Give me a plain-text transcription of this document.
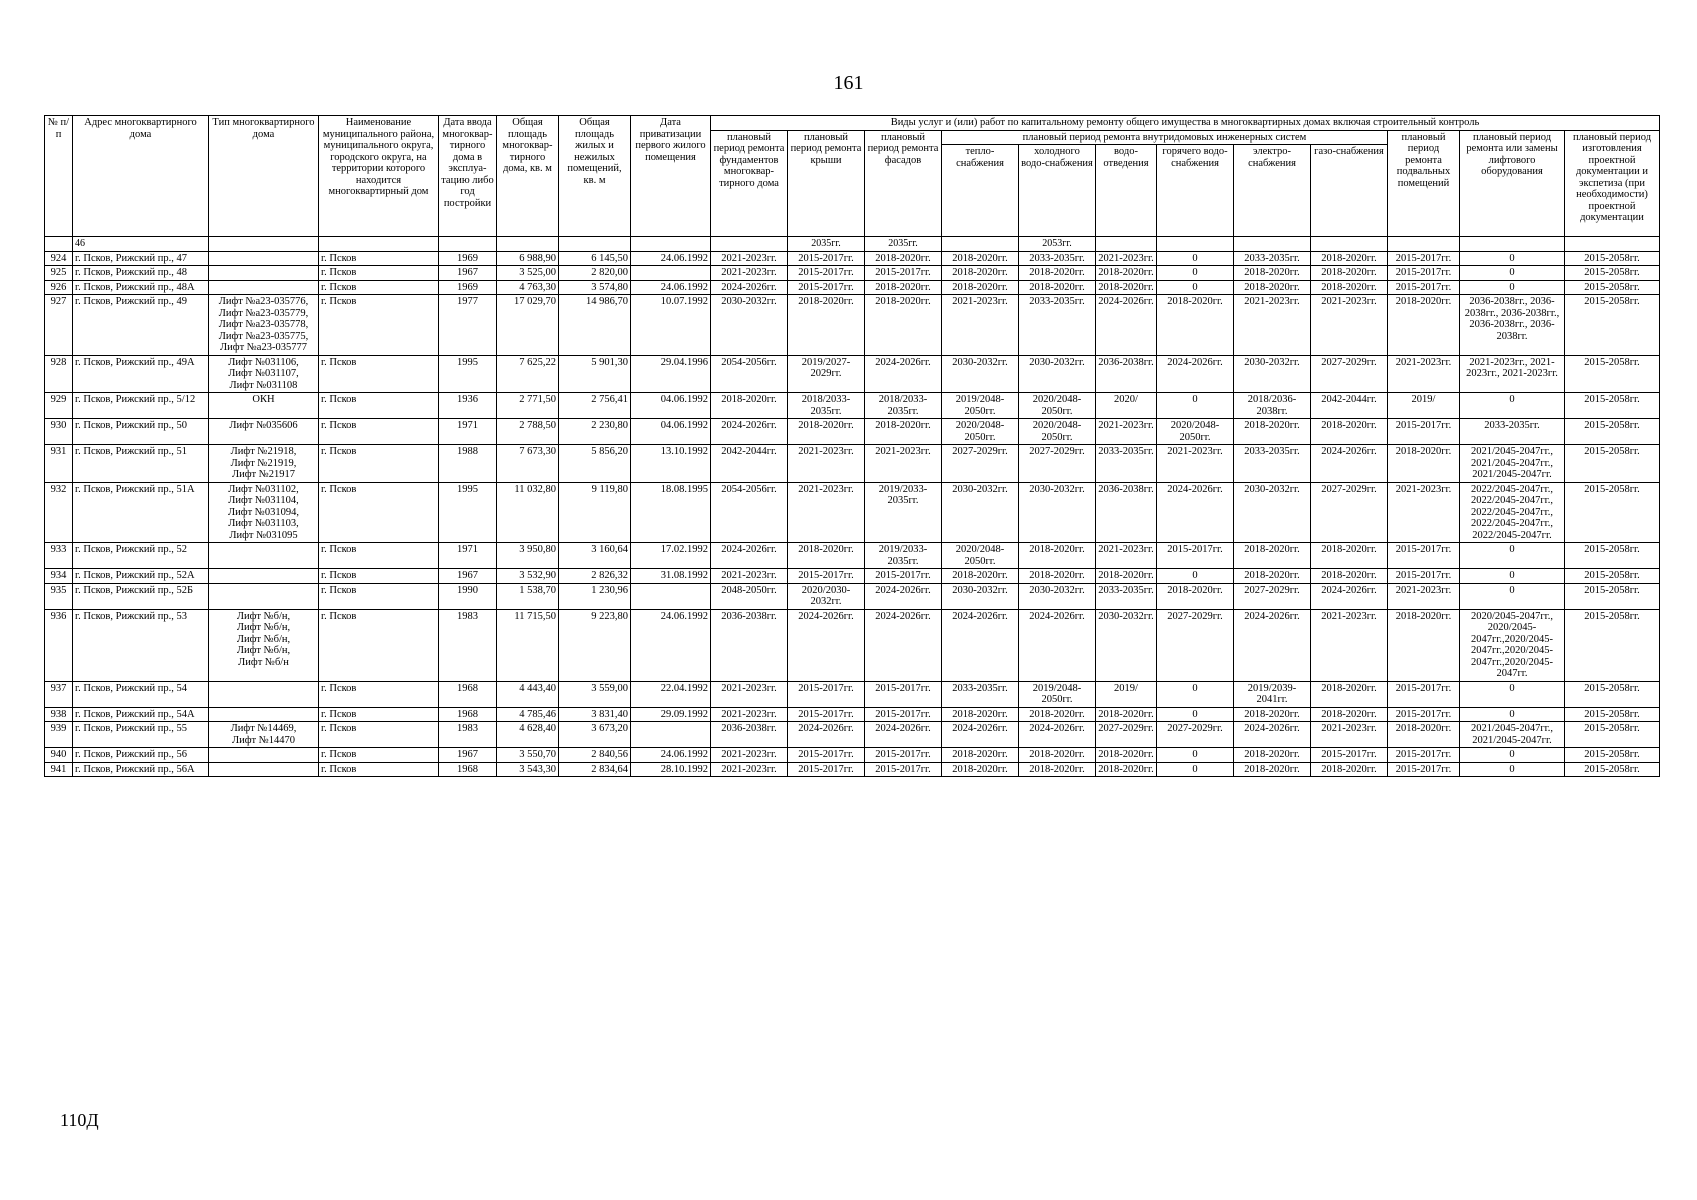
161
№ п/п	Адрес многоквартирного дома	Тип многоквартирного дома	Наименование муниципального района, муниципального округа, городского округа, на территории которого находится многоквартирный дом	Дата ввода многоквар-тирного дома в эксплуа-тацию либо год постройки	Общая площадь многоквар-тирного дома, кв. м	Общая площадь жилых и нежилых помещений, кв. м	Дата приватизации первого жилого помещения	Виды услуг и (или) работ по капитальному ремонту общего имущества в многоквартирных домах включая строительный контроль											
								плановый период ремонта фундаментов многоквар-тирного дома	плановый период ремонта крыши	плановый период ремонта фасадов	плановый период ремонта внутридомовых инженерных систем						плановый период ремонта подвальных помещений	плановый период ремонта или замены лифтового оборудования	плановый период изготовления проектной документации и экспетиза (при необходимости) проектной документации
											тепло-снабжения	холодного водо-снабжения	водо-отведения	горячего водо-снабжения	электро-снабжения	газо-снабжения			
	46								2035гг.	2035гг.		2053гг.							
924	г. Псков, Рижский пр., 47		г. Псков	1969	6 988,90	6 145,50	24.06.1992	2021-2023гг.	2015-2017гг.	2018-2020гг.	2018-2020гг.	2033-2035гг.	2021-2023гг.	0	2033-2035гг.	2018-2020гг.	2015-2017гг.	0	2015-2058гг.
925	г. Псков, Рижский пр., 48		г. Псков	1967	3 525,00	2 820,00		2021-2023гг.	2015-2017гг.	2015-2017гг.	2018-2020гг.	2018-2020гг.	2018-2020гг.	0	2018-2020гг.	2018-2020гг.	2015-2017гг.	0	2015-2058гг.
926	г. Псков, Рижский пр., 48А		г. Псков	1969	4 763,30	3 574,80	24.06.1992	2024-2026гг.	2015-2017гг.	2018-2020гг.	2018-2020гг.	2018-2020гг.	2018-2020гг.	0	2018-2020гг.	2018-2020гг.	2015-2017гг.	0	2015-2058гг.
927	г. Псков, Рижский пр., 49	Лифт №а23-035776,
Лифт №а23-035779,
Лифт №а23-035778,
Лифт №а23-035775,
Лифт №а23-035777	г. Псков	1977	17 029,70	14 986,70	10.07.1992	2030-2032гг.	2018-2020гг.	2018-2020гг.	2021-2023гг.	2033-2035гг.	2024-2026гг.	2018-2020гг.	2021-2023гг.	2021-2023гг.	2018-2020гг.	2036-2038гг., 2036-2038гг., 2036-2038гг., 2036-2038гг., 2036-2038гг.	2015-2058гг.
928	г. Псков, Рижский пр., 49А	Лифт №031106,
Лифт №031107,
Лифт №031108	г. Псков	1995	7 625,22	5 901,30	29.04.1996	2054-2056гг.	2019/2027-2029гг.	2024-2026гг.	2030-2032гг.	2030-2032гг.	2036-2038гг.	2024-2026гг.	2030-2032гг.	2027-2029гг.	2021-2023гг.	2021-2023гг., 2021-2023гг., 2021-2023гг.	2015-2058гг.
929	г. Псков, Рижский пр., 5/12	ОКН	г. Псков	1936	2 771,50	2 756,41	04.06.1992	2018-2020гг.	2018/2033-2035гг.	2018/2033-2035гг.	2019/2048-2050гг.	2020/2048-2050гг.	2020/	0	2018/2036-2038гг.	2042-2044гг.	2019/	0	2015-2058гг.
930	г. Псков, Рижский пр., 50	Лифт №035606	г. Псков	1971	2 788,50	2 230,80	04.06.1992	2024-2026гг.	2018-2020гг.	2018-2020гг.	2020/2048-2050гг.	2020/2048-2050гг.	2021-2023гг.	2020/2048-2050гг.	2018-2020гг.	2018-2020гг.	2015-2017гг.	2033-2035гг.	2015-2058гг.
931	г. Псков, Рижский пр., 51	Лифт №21918,
Лифт №21919,
Лифт №21917	г. Псков	1988	7 673,30	5 856,20	13.10.1992	2042-2044гг.	2021-2023гг.	2021-2023гг.	2027-2029гг.	2027-2029гг.	2033-2035гг.	2021-2023гг.	2033-2035гг.	2024-2026гг.	2018-2020гг.	2021/2045-2047гг., 2021/2045-2047гг., 2021/2045-2047гг.	2015-2058гг.
932	г. Псков, Рижский пр., 51А	Лифт №031102,
Лифт №031104,
Лифт №031094,
Лифт №031103,
Лифт №031095	г. Псков	1995	11 032,80	9 119,80	18.08.1995	2054-2056гг.	2021-2023гг.	2019/2033-2035гг.	2030-2032гг.	2030-2032гг.	2036-2038гг.	2024-2026гг.	2030-2032гг.	2027-2029гг.	2021-2023гг.	2022/2045-2047гг., 2022/2045-2047гг., 2022/2045-2047гг., 2022/2045-2047гг., 2022/2045-2047гг.	2015-2058гг.
933	г. Псков, Рижский пр., 52		г. Псков	1971	3 950,80	3 160,64	17.02.1992	2024-2026гг.	2018-2020гг.	2019/2033-2035гг.	2020/2048-2050гг.	2018-2020гг.	2021-2023гг.	2015-2017гг.	2018-2020гг.	2018-2020гг.	2015-2017гг.	0	2015-2058гг.
934	г. Псков, Рижский пр., 52А		г. Псков	1967	3 532,90	2 826,32	31.08.1992	2021-2023гг.	2015-2017гг.	2015-2017гг.	2018-2020гг.	2018-2020гг.	2018-2020гг.	0	2018-2020гг.	2018-2020гг.	2015-2017гг.	0	2015-2058гг.
935	г. Псков, Рижский пр., 52Б		г. Псков	1990	1 538,70	1 230,96		2048-2050гг.	2020/2030-2032гг.	2024-2026гг.	2030-2032гг.	2030-2032гг.	2033-2035гг.	2018-2020гг.	2027-2029гг.	2024-2026гг.	2021-2023гг.	0	2015-2058гг.
936	г. Псков, Рижский пр., 53	Лифт №б/н,
Лифт №б/н,
Лифт №б/н,
Лифт №б/н,
Лифт №б/н	г. Псков	1983	11 715,50	9 223,80	24.06.1992	2036-2038гг.	2024-2026гг.	2024-2026гг.	2024-2026гг.	2024-2026гг.	2030-2032гг.	2027-2029гг.	2024-2026гг.	2021-2023гг.	2018-2020гг.	2020/2045-2047гг., 2020/2045-2047гг.,2020/2045-2047гг.,2020/2045-2047гг.,2020/2045-2047гг.	2015-2058гг.
937	г. Псков, Рижский пр., 54		г. Псков	1968	4 443,40	3 559,00	22.04.1992	2021-2023гг.	2015-2017гг.	2015-2017гг.	2033-2035гг.	2019/2048-2050гг.	2019/	0	2019/2039-2041гг.	2018-2020гг.	2015-2017гг.	0	2015-2058гг.
938	г. Псков, Рижский пр., 54А		г. Псков	1968	4 785,46	3 831,40	29.09.1992	2021-2023гг.	2015-2017гг.	2015-2017гг.	2018-2020гг.	2018-2020гг.	2018-2020гг.	0	2018-2020гг.	2018-2020гг.	2015-2017гг.	0	2015-2058гг.
939	г. Псков, Рижский пр., 55	Лифт №14469,
Лифт №14470	г. Псков	1983	4 628,40	3 673,20		2036-2038гг.	2024-2026гг.	2024-2026гг.	2024-2026гг.	2024-2026гг.	2027-2029гг.	2027-2029гг.	2024-2026гг.	2021-2023гг.	2018-2020гг.	2021/2045-2047гг., 2021/2045-2047гг.	2015-2058гг.
940	г. Псков, Рижский пр., 56		г. Псков	1967	3 550,70	2 840,56	24.06.1992	2021-2023гг.	2015-2017гг.	2015-2017гг.	2018-2020гг.	2018-2020гг.	2018-2020гг.	0	2018-2020гг.	2015-2017гг.	2015-2017гг.	0	2015-2058гг.
941	г. Псков, Рижский пр., 56А		г. Псков	1968	3 543,30	2 834,64	28.10.1992	2021-2023гг.	2015-2017гг.	2015-2017гг.	2018-2020гг.	2018-2020гг.	2018-2020гг.	0	2018-2020гг.	2018-2020гг.	2015-2017гг.	0	2015-2058гг.
110Д
